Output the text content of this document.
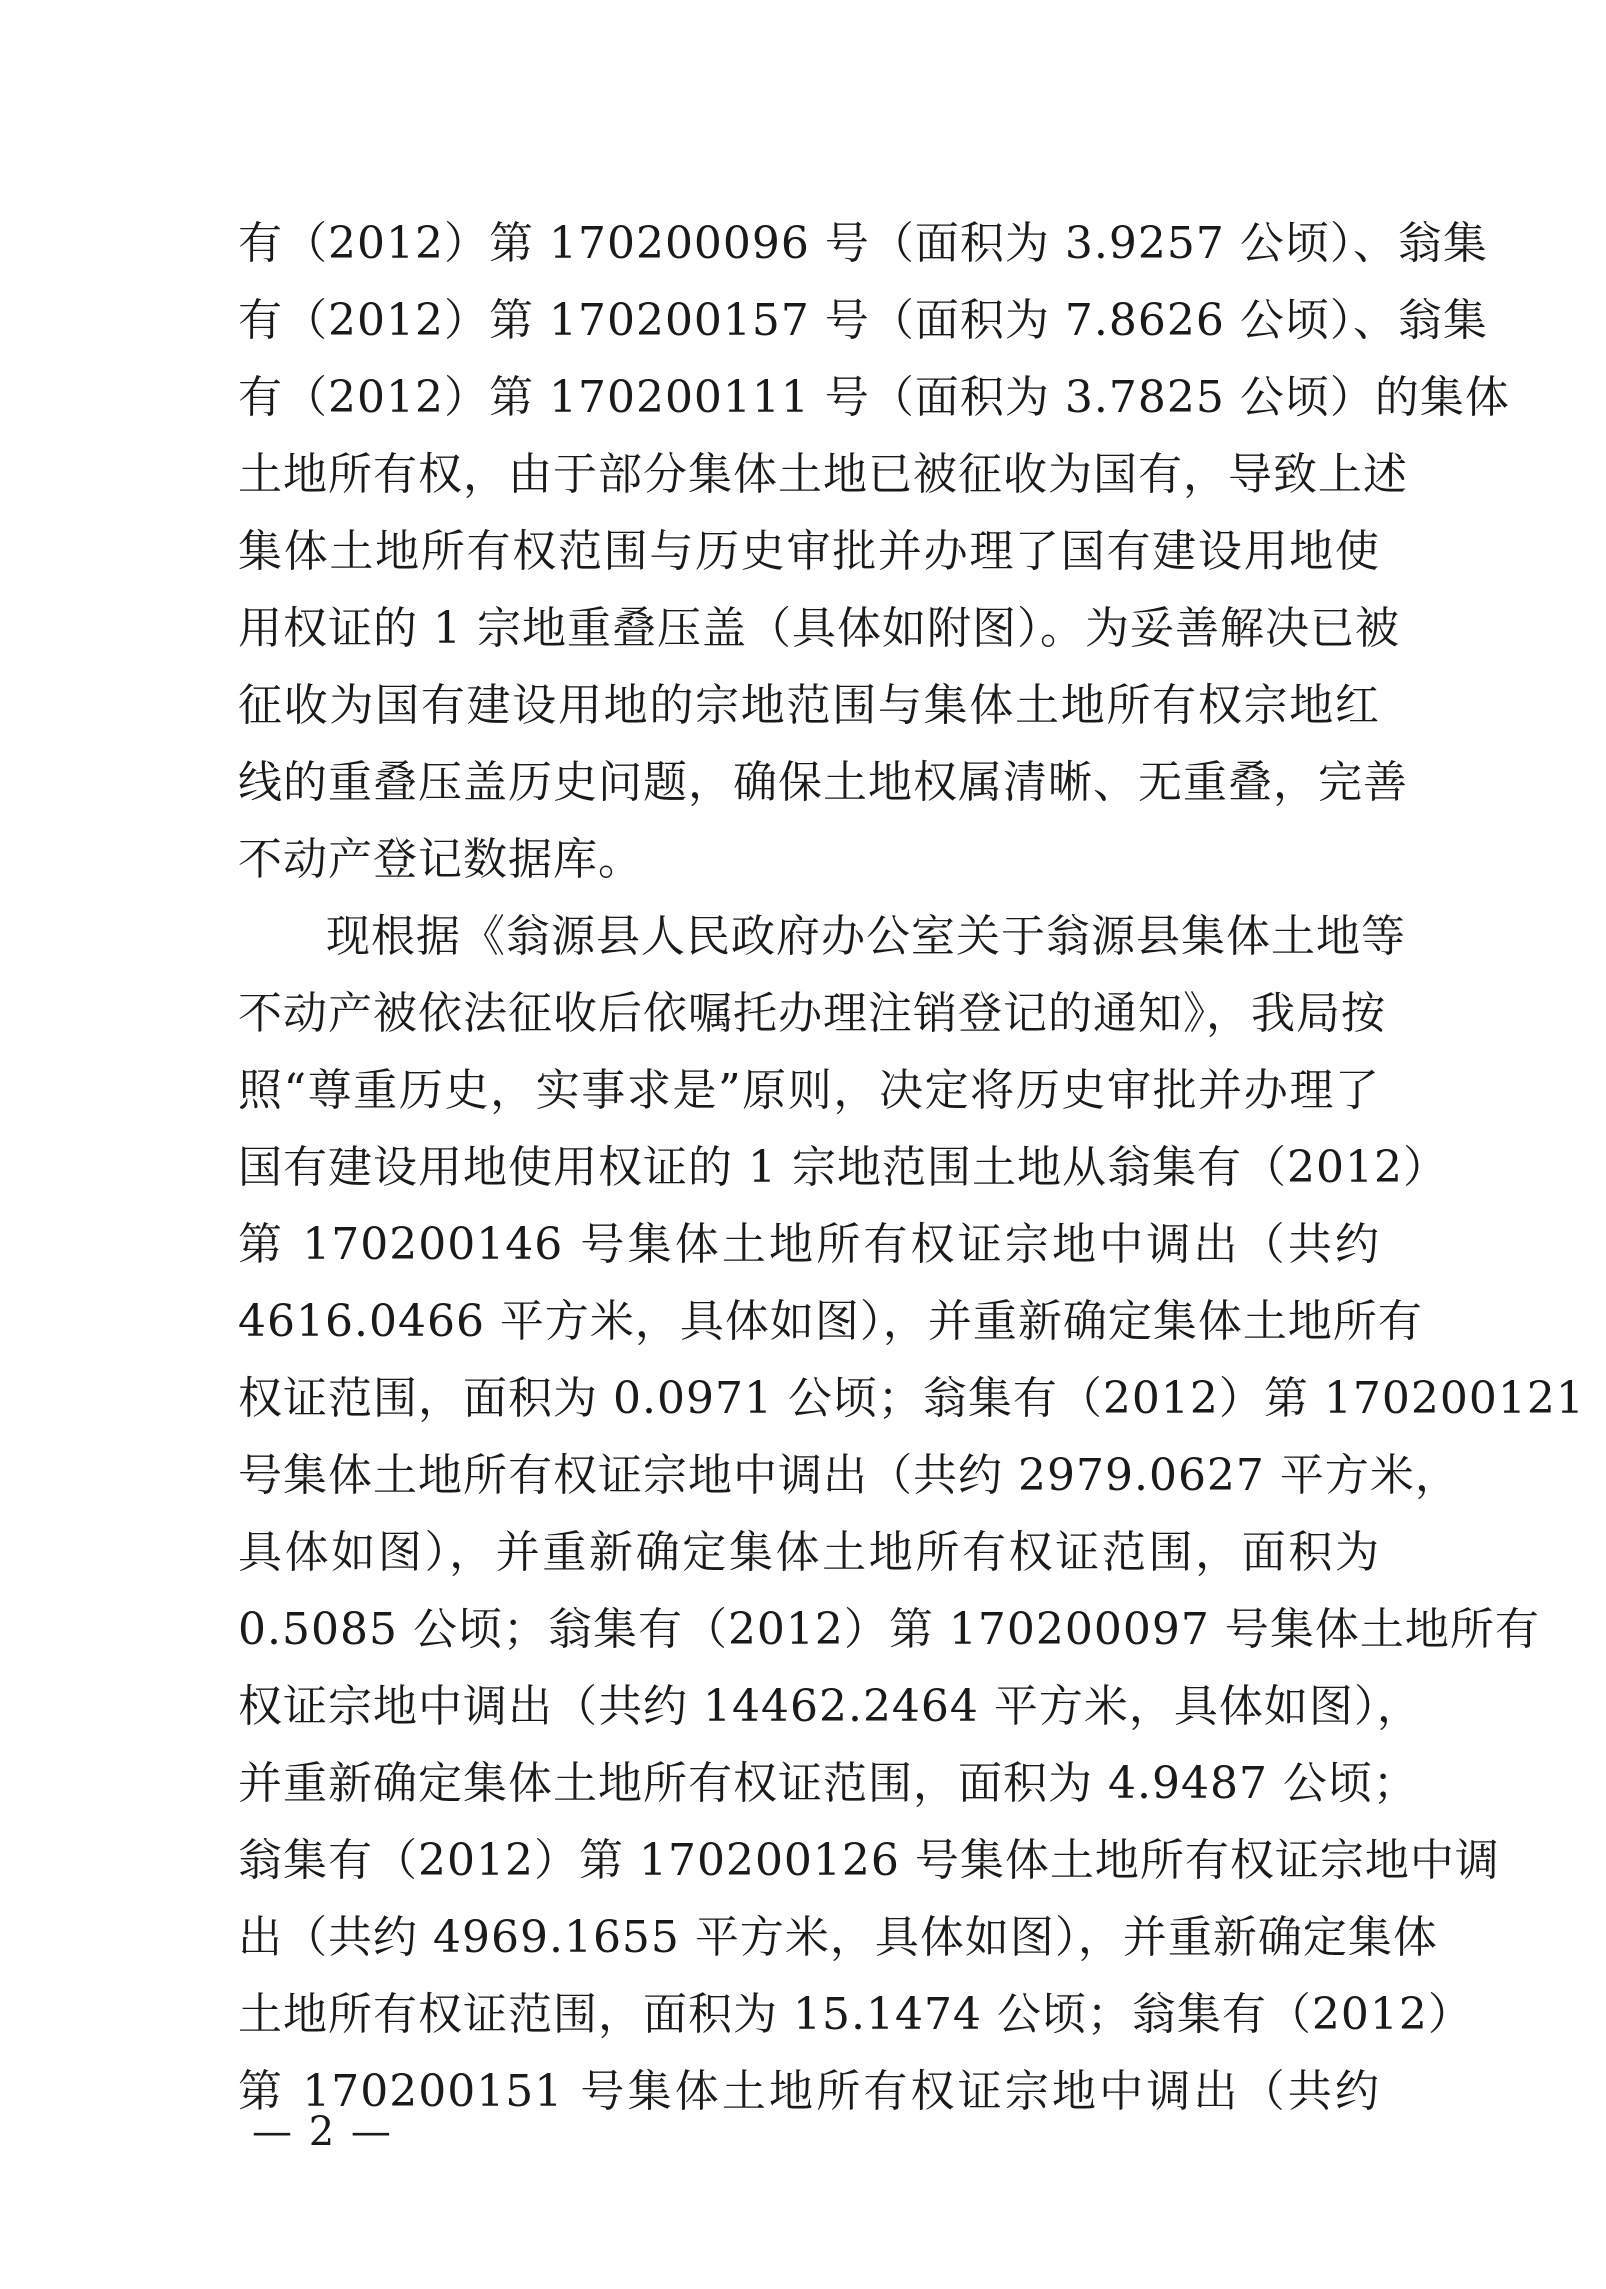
有（2012）第 170200096 号（面积为 3.9257 公顷）、翁集
有（2012）第 170200157 号（面积为 7.8626 公顷）、翁集
有（2012）第 170200111 号（面积为 3.7825 公顷）的集体
土地所有权，由于部分集体土地已被征收为国有，导致上述
集体土地所有权范围与历史审批并办理了国有建设用地使
用权证的 1 宗地重叠压盖（具体如附图）。为妥善解决已被
征收为国有建设用地的宗地范围与集体土地所有权宗地红
线的重叠压盖历史问题，确保土地权属清晰、无重叠，完善
不动产登记数据库。
现根据《翁源县人民政府办公室关于翁源县集体土地等
不动产被依法征收后依嘱托办理注销登记的通知》，我局按
照“尊重历史，实事求是”原则，决定将历史审批并办理了
国有建设用地使用权证的 1 宗地范围土地从翁集有（2012）
第 170200146 号集体土地所有权证宗地中调出（共约
4616.0466 平方米，具体如图），并重新确定集体土地所有
权证范围，面积为 0.0971 公顷；翁集有（2012）第 170200121
号集体土地所有权证宗地中调出（共约 2979.0627 平方米，
具体如图），并重新确定集体土地所有权证范围，面积为
0.5085 公顷；翁集有（2012）第 170200097 号集体土地所有
权证宗地中调出（共约 14462.2464 平方米，具体如图），
并重新确定集体土地所有权证范围，面积为 4.9487 公顷；
翁集有（2012）第 170200126 号集体土地所有权证宗地中调
出（共约 4969.1655 平方米，具体如图），并重新确定集体
土地所有权证范围，面积为 15.1474 公顷；翁集有（2012）
第 170200151 号集体土地所有权证宗地中调出（共约
— 2 —
